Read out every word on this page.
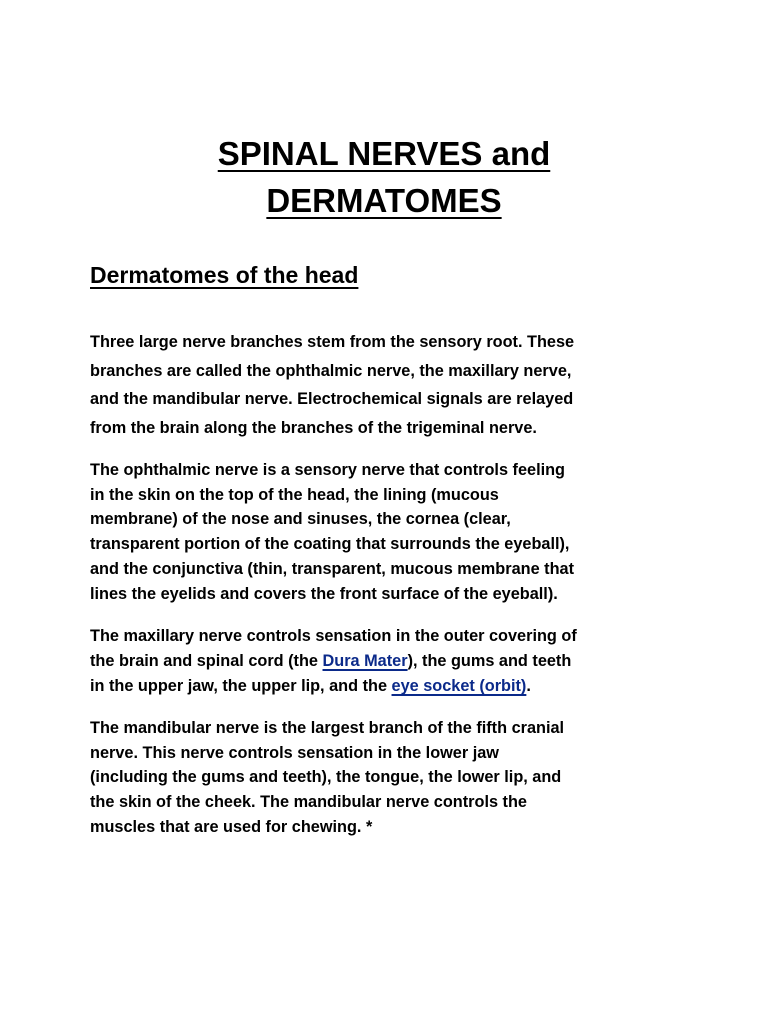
SPINAL NERVES and
DERMATOMES
Dermatomes of the head

Three large nerve branches stem from the sensory root. These
branches are called the ophthalmic nerve, the maxillary nerve,
and the mandibular nerve. Electrochemical signals are relayed
from the brain along the branches of the trigeminal nerve.

The ophthalmic nerve is a sensory nerve that controls feeling
in the skin on the top of the head, the lining (mucous
membrane) of the nose and sinuses, the cornea (clear,
transparent portion of the coating that surrounds the eyeball),
and the conjunctiva (thin, transparent, mucous membrane that
lines the eyelids and covers the front surface of the eyeball).

The maxillary nerve controls sensation in the outer covering of
the brain and spinal cord (the Dura Mater), the gums and teeth
in the upper jaw, the upper lip, and the eye socket (orbit).

The mandibular nerve is the largest branch of the fifth cranial
nerve. This nerve controls sensation in the lower jaw
(including the gums and teeth), the tongue, the lower lip, and
the skin of the cheek. The mandibular nerve controls the
muscles that are used for chewing. *
